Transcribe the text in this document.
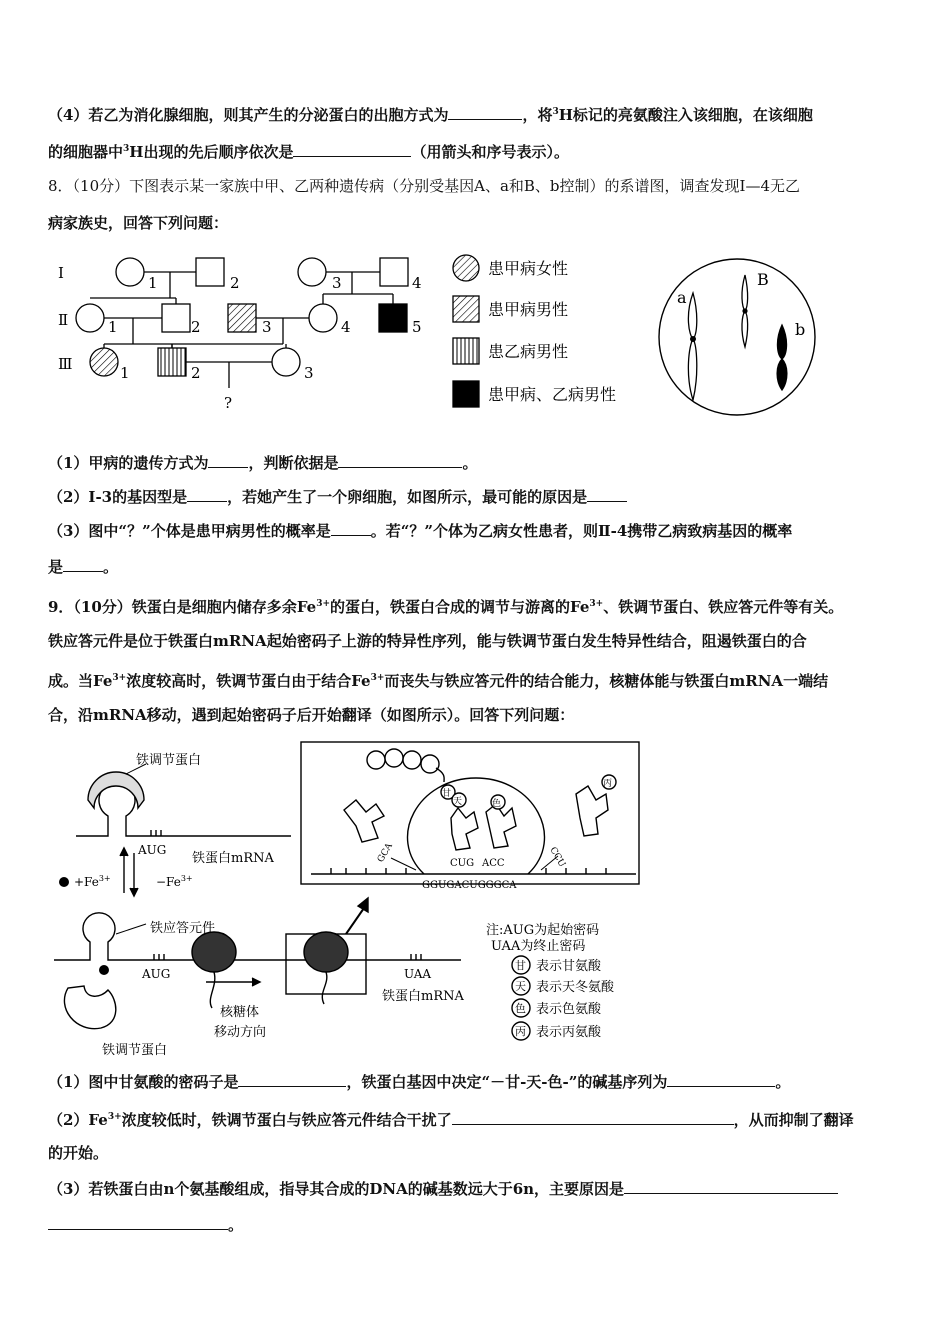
（4）若乙为消化腺细胞，则其产生的分泌蛋白的出胞方式为	，将$^3$H标记的亮氨酸注入该细胞，在该细胞
的细胞器中$^3$H出现的先后顺序依次是	（用箭头和序号表示）。
8．（10分）下图表示某一家族中甲、乙两种遗传病（分别受基因A、a和B、b控制）的系谱图，调查发现Ⅰ—4无乙
病家族史，回答下列问题：
Ⅰ
Ⅱ
Ⅲ
1	2	3	4
1	2	3	4	5
1	2	3
?
患甲病女性
患甲病男性
患乙病男性
患甲病、乙病男性
a
B
b
（1）甲病的遗传方式为	，判断依据是	。
（2）Ⅰ-3的基因型是	，若她产生了一个卵细胞，如图所示，最可能的原因是
（3）图中“？”个体是患甲病男性的概率是	。若“？”个体为乙病女性患者，则Ⅱ-4携带乙病致病基因的概率
是	。
9．（10分）铁蛋白是细胞内储存多余$Fe^{3+}$的蛋白，铁蛋白合成的调节与游离的$Fe^{3+}$、铁调节蛋白、铁应答元件等有关。
铁应答元件是位于铁蛋白mRNA起始密码子上游的特异性序列，能与铁调节蛋白发生特异性结合，阻遏铁蛋白的合
成。当$Fe^{3+}$浓度较高时，铁调节蛋白由于结合$Fe^{3+}$而丧失与铁应答元件的结合能力，核糖体能与铁蛋白mRNA一端结
合，沿mRNA移动，遇到起始密码子后开始翻译（如图所示）。回答下列问题：
铁调节蛋白
AUG
铁蛋白mRNA
$+Fe^{3+}$	$-Fe^{3+}$
铁应答元件
AUG	UAA
铁蛋白mRNA
核糖体
移动方向
铁调节蛋白
GCA	CUG ACC	CCU
GGUGACUGGGCA
甘
天	色
丙
注:AUG为起始密码
UAA为终止密码
甘
天
色
丙
表示甘氨酸
表示天冬氨酸
表示色氨酸
表示丙氨酸
（1）图中甘氨酸的密码子是	，铁蛋白基因中决定“－甘-天-色-”的碱基序列为	。
$(2)Fe^{3+}$浓度较低时，铁调节蛋白与铁应答元件结合干扰了	，从而抑制了翻译
的开始。
（3）若铁蛋白由n个氨基酸组成，指导其合成的DNA的碱基数远大于6n，主要原因是
。
